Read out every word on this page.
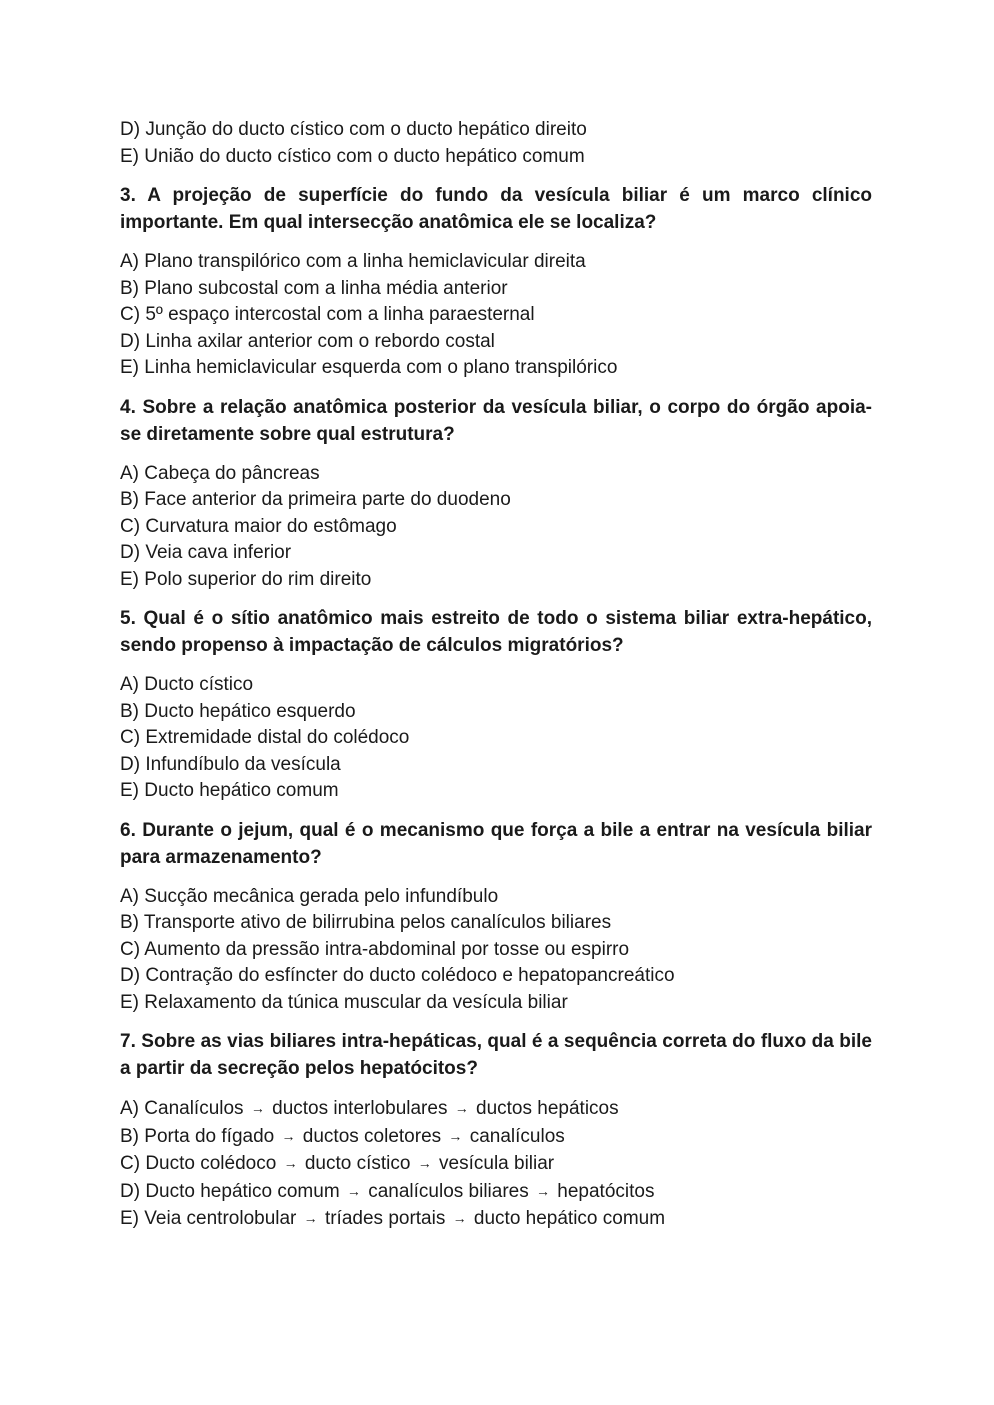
D) Junção do ducto cístico com o ducto hepático direito

E) União do ducto cístico com o ducto hepático comum

3. A projeção de superfície do fundo da vesícula biliar é um marco clínico importante. Em qual intersecção anatômica ele se localiza?

A) Plano transpilórico com a linha hemiclavicular direita

B) Plano subcostal com a linha média anterior

C) 5º espaço intercostal com a linha paraesternal

D) Linha axilar anterior com o rebordo costal

E) Linha hemiclavicular esquerda com o plano transpilórico

4. Sobre a relação anatômica posterior da vesícula biliar, o corpo do órgão apoia-se diretamente sobre qual estrutura?

A) Cabeça do pâncreas

B) Face anterior da primeira parte do duodeno

C) Curvatura maior do estômago

D) Veia cava inferior

E) Polo superior do rim direito

5. Qual é o sítio anatômico mais estreito de todo o sistema biliar extra-hepático, sendo propenso à impactação de cálculos migratórios?

A) Ducto cístico

B) Ducto hepático esquerdo

C) Extremidade distal do colédoco

D) Infundíbulo da vesícula

E) Ducto hepático comum

6. Durante o jejum, qual é o mecanismo que força a bile a entrar na vesícula biliar para armazenamento?

A) Sucção mecânica gerada pelo infundíbulo

B) Transporte ativo de bilirrubina pelos canalículos biliares

C) Aumento da pressão intra-abdominal por tosse ou espirro

D) Contração do esfíncter do ducto colédoco e hepatopancreático

E) Relaxamento da túnica muscular da vesícula biliar

7. Sobre as vias biliares intra-hepáticas, qual é a sequência correta do fluxo da bile a partir da secreção pelos hepatócitos?

A) Canalículos → ductos interlobulares → ductos hepáticos

B) Porta do fígado → ductos coletores → canalículos

C) Ducto colédoco → ducto cístico → vesícula biliar

D) Ducto hepático comum → canalículos biliares → hepatócitos

E) Veia centrolobular → tríades portais → ducto hepático comum
